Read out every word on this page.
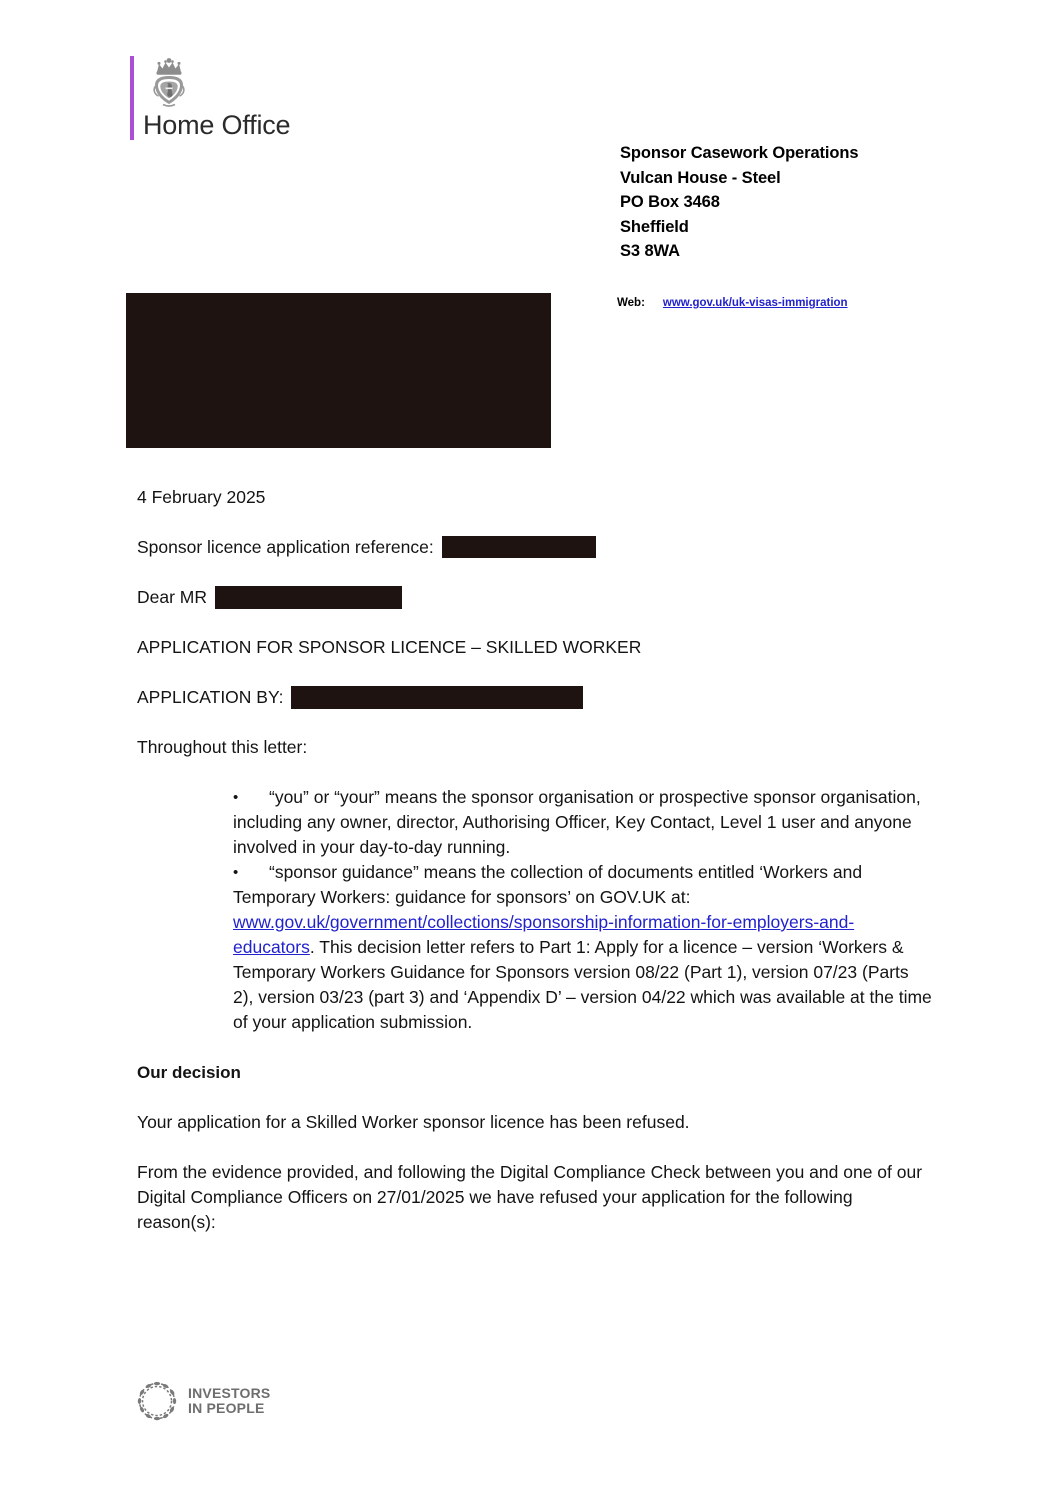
Home Office
Sponsor Casework Operations
Vulcan House - Steel
PO Box 3468
Sheffield
S3 8WA
Web: www.gov.uk/uk-visas-immigration

4 February 2025

Sponsor licence application reference:

Dear MR

APPLICATION FOR SPONSOR LICENCE – SKILLED WORKER

APPLICATION BY:

Throughout this letter:

•	“you” or “your” means the sponsor organisation or prospective sponsor organisation, including any owner, director, Authorising Officer, Key Contact, Level 1 user and anyone involved in your day-to-day running.
•	“sponsor guidance” means the collection of documents entitled ‘Workers and Temporary Workers: guidance for sponsors’ on GOV.UK at: www.gov.uk/government/collections/sponsorship-information-for-employers-and-educators. This decision letter refers to Part 1: Apply for a licence – version ‘Workers & Temporary Workers Guidance for Sponsors version 08/22 (Part 1), version 07/23 (Parts 2), version 03/23 (part 3) and ‘Appendix D’ – version 04/22 which was available at the time of your application submission.

Our decision

Your application for a Skilled Worker sponsor licence has been refused.

From the evidence provided, and following the Digital Compliance Check between you and one of our Digital Compliance Officers on 27/01/2025 we have refused your application for the following reason(s):

INVESTORS
IN PEOPLE
